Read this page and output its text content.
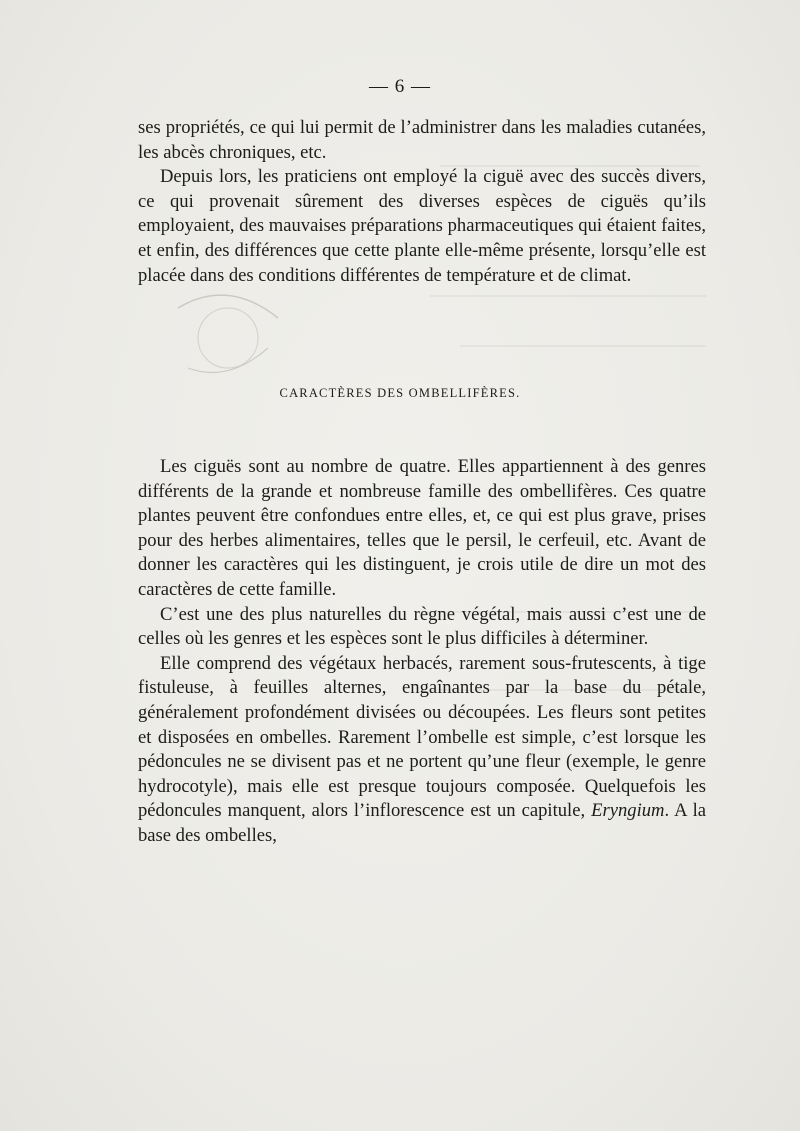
— 6 —

ses propriétés, ce qui lui permit de l’administrer dans les maladies cutanées, les abcès chroniques, etc.

Depuis lors, les praticiens ont employé la ciguë avec des succès divers, ce qui provenait sûrement des diverses espèces de ciguës qu’ils employaient, des mauvaises préparations pharmaceutiques qui étaient faites, et enfin, des différences que cette plante elle-même présente, lorsqu’elle est placée dans des conditions différentes de température et de climat.

CARACTÈRES DES OMBELLIFÈRES.

Les ciguës sont au nombre de quatre. Elles appartiennent à des genres différents de la grande et nombreuse famille des ombellifères. Ces quatre plantes peuvent être confondues entre elles, et, ce qui est plus grave, prises pour des herbes alimentaires, telles que le persil, le cerfeuil, etc. Avant de donner les caractères qui les distinguent, je crois utile de dire un mot des caractères de cette famille.

C’est une des plus naturelles du règne végétal, mais aussi c’est une de celles où les genres et les espèces sont le plus difficiles à déterminer.

Elle comprend des végétaux herbacés, rarement sous-frutescents, à tige fistuleuse, à feuilles alternes, engaînantes par la base du pétale, généralement profondément divisées ou découpées. Les fleurs sont petites et disposées en ombelles. Rarement l’ombelle est simple, c’est lorsque les pédoncules ne se divisent pas et ne portent qu’une fleur (exemple, le genre hydrocotyle), mais elle est presque toujours composée. Quelquefois les pédoncules manquent, alors l’inflorescence est un capitule, Eryngium. A la base des ombelles,
